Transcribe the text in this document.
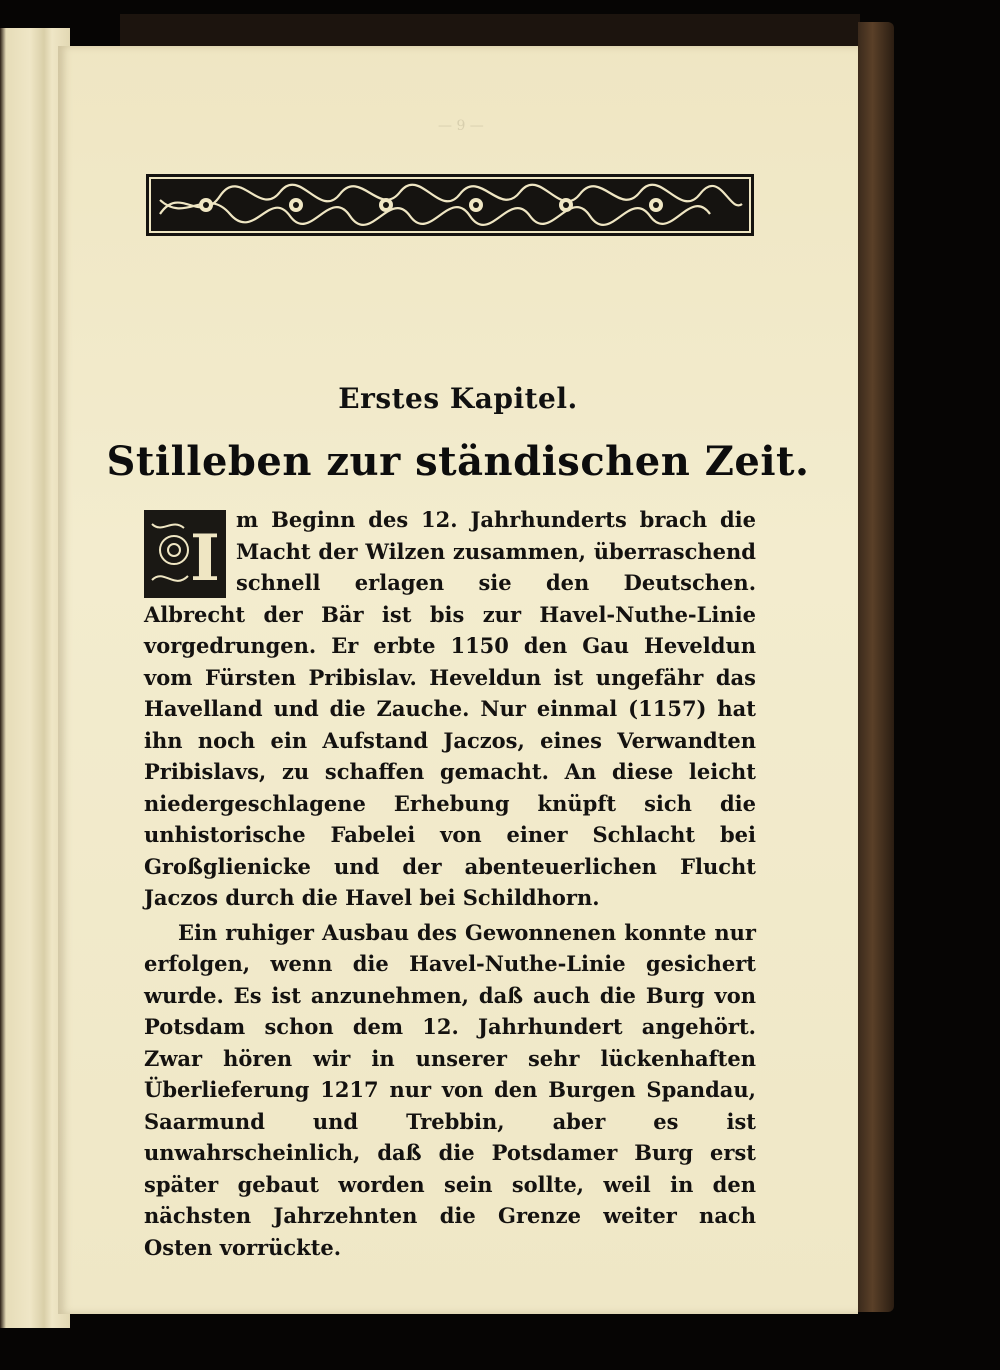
— 9 —
Erstes Kapitel.
Stilleben zur ständischen Zeit.

I
m Beginn des 12. Jahrhunderts brach die Macht der Wilzen zusammen, überraschend schnell erlagen sie den Deutschen. Albrecht der Bär ist bis zur Havel-Nuthe-Linie vorgedrungen. Er erbte 1150 den Gau Heveldun vom Fürsten Pribislav. Heveldun ist ungefähr das Havelland und die Zauche. Nur einmal (1157) hat ihn noch ein Aufstand Jaczos, eines Verwandten Pribislavs, zu schaffen gemacht. An diese leicht niedergeschlagene Erhebung knüpft sich die unhistorische Fabelei von einer Schlacht bei Großglienicke und der abenteuerlichen Flucht Jaczos durch die Havel bei Schildhorn.

Ein ruhiger Ausbau des Gewonnenen konnte nur erfolgen, wenn die Havel-Nuthe-Linie gesichert wurde. Es ist anzunehmen, daß auch die Burg von Potsdam schon dem 12. Jahrhundert angehört. Zwar hören wir in unserer sehr lückenhaften Überlieferung 1217 nur von den Burgen Spandau, Saarmund und Trebbin, aber es ist unwahrscheinlich, daß die Potsdamer Burg erst später gebaut worden sein sollte, weil in den nächsten Jahrzehnten die Grenze weiter nach Osten vorrückte.
